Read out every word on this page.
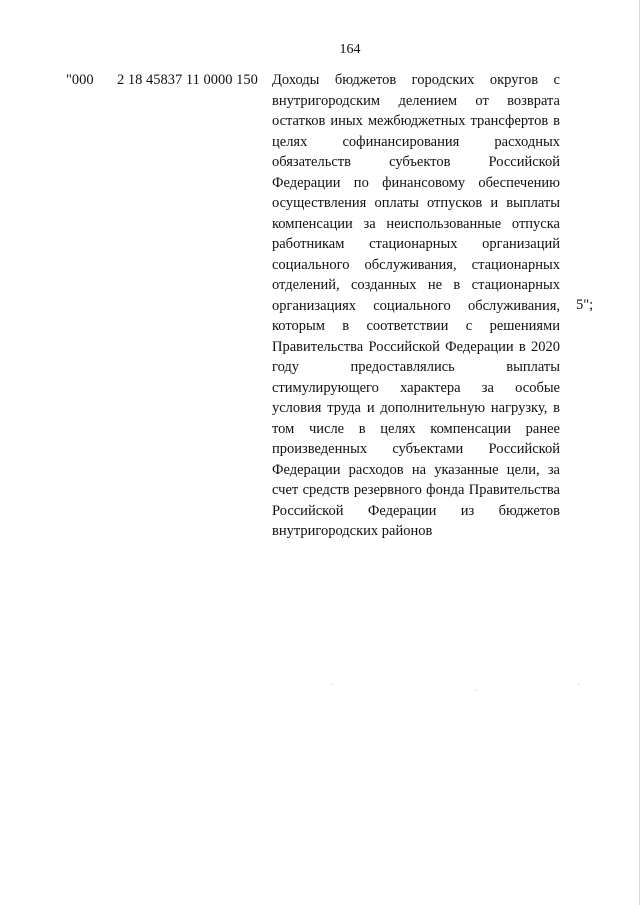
164
"000 2 18 45837 11 0000 150 Доходы бюджетов городских округов с внутригородским делением от возврата остатков иных межбюджетных трансфертов в целях софинансирования расходных обязательств субъектов Российской Федерации по финансовому обеспечению осуществления оплаты отпусков и выплаты компенсации за неиспользованные отпуска работникам стационарных организаций социального обслуживания, стационарных отделений, созданных не в стационарных организациях социального обслуживания, которым в соответствии с решениями Правительства Российской Федерации в 2020 году предоставлялись выплаты стимулирующего характера за особые условия труда и дополнительную нагрузку, в том числе в целях компенсации ранее произведенных субъектами Российской Федерации расходов на указанные цели, за счет средств резервного фонда Правительства Российской Федерации из бюджетов внутригородских районов
5";
